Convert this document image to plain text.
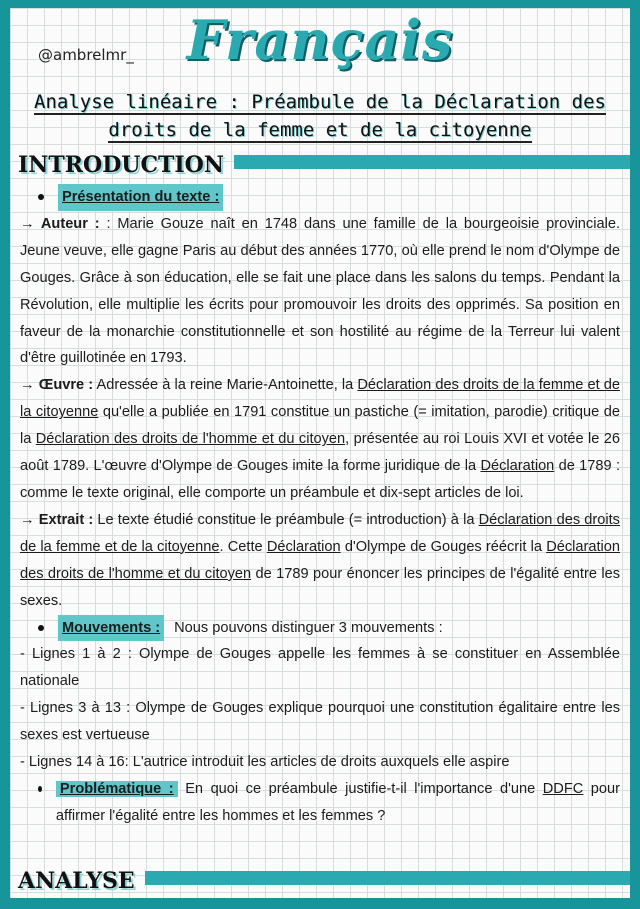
@ambrelmr_ Français
Analyse linéaire : Préambule de la Déclaration des droits de la femme et de la citoyenne
INTRODUCTION
Présentation du texte :

→ Auteur : : Marie Gouze naît en 1748 dans une famille de la bourgeoisie provinciale. Jeune veuve, elle gagne Paris au début des années 1770, où elle prend le nom d'Olympe de Gouges. Grâce à son éducation, elle se fait une place dans les salons du temps. Pendant la Révolution, elle multiplie les écrits pour promouvoir les droits des opprimés. Sa position en faveur de la monarchie constitutionnelle et son hostilité au régime de la Terreur lui valent d'être guillotinée en 1793.

→ Œuvre : Adressée à la reine Marie-Antoinette, la Déclaration des droits de la femme et de la citoyenne qu'elle a publiée en 1791 constitue un pastiche (= imitation, parodie) critique de la Déclaration des droits de l'homme et du citoyen, présentée au roi Louis XVI et votée le 26 août 1789. L'œuvre d'Olympe de Gouges imite la forme juridique de la Déclaration de 1789 : comme le texte original, elle comporte un préambule et dix-sept articles de loi.

→ Extrait : Le texte étudié constitue le préambule (= introduction) à la Déclaration des droits de la femme et de la citoyenne. Cette Déclaration d'Olympe de Gouges réécrit la Déclaration des droits de l'homme et du citoyen de 1789 pour énoncer les principes de l'égalité entre les sexes.

Mouvements : Nous pouvons distinguer 3 mouvements :

- Lignes 1 à 2 : Olympe de Gouges appelle les femmes à se constituer en Assemblée nationale

- Lignes 3 à 13 : Olympe de Gouges explique pourquoi une constitution égalitaire entre les sexes est vertueuse

- Lignes 14 à 16: L'autrice introduit les articles de droits auxquels elle aspire

Problématique : En quoi ce préambule justifie-t-il l'importance d'une DDFC pour affirmer l'égalité entre les hommes et les femmes ?
ANALYSE
